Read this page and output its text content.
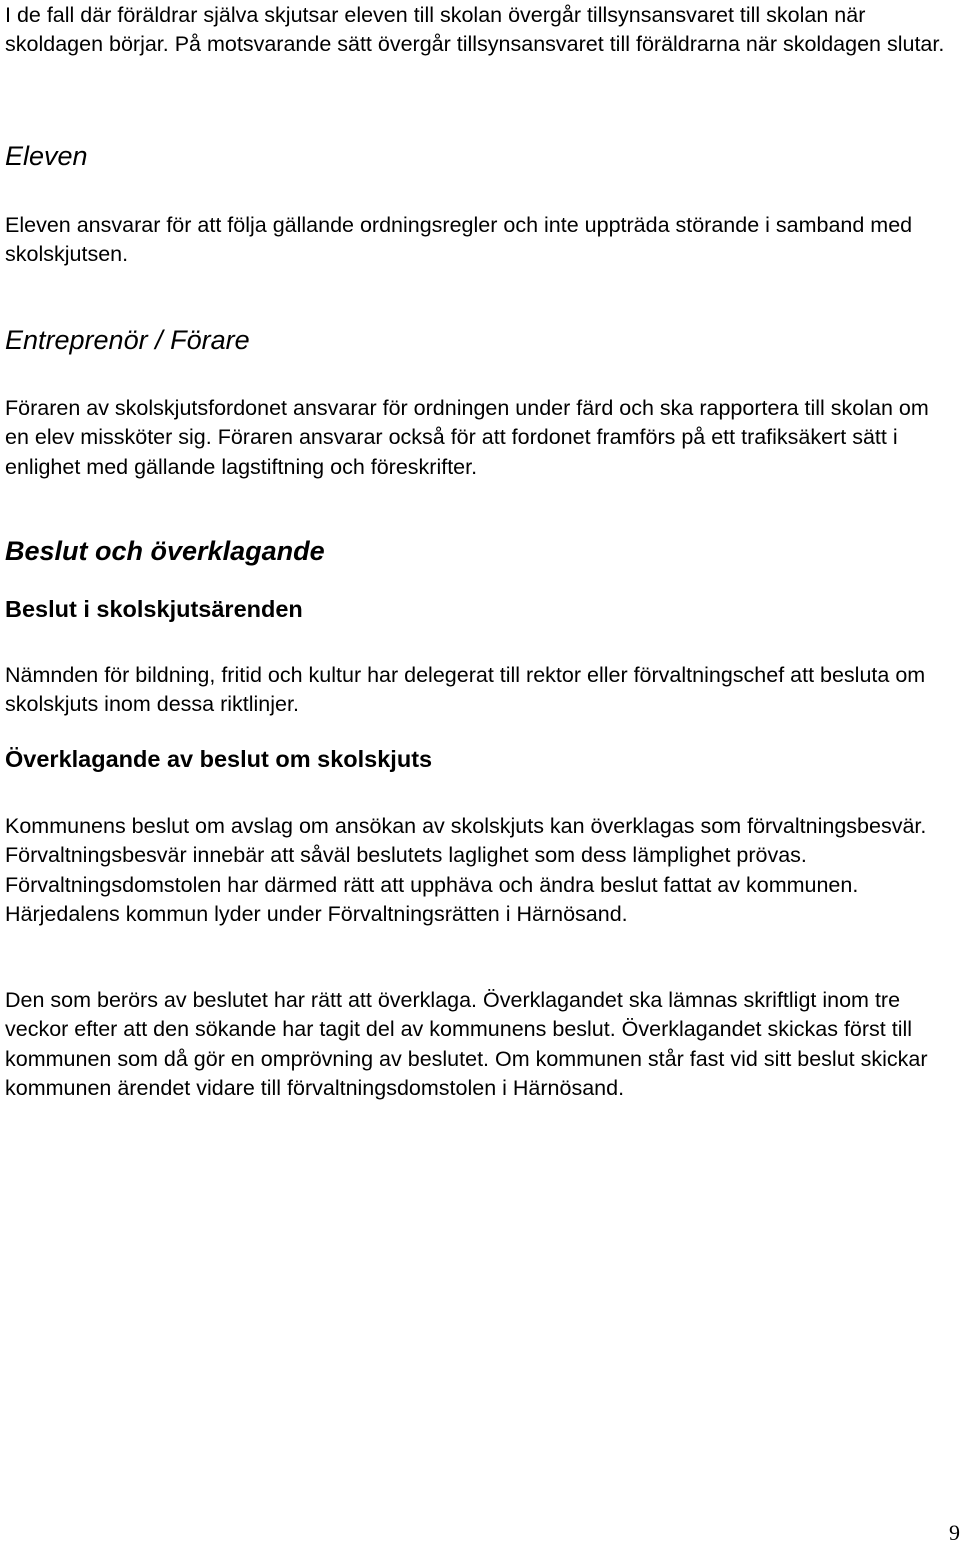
I de fall där föräldrar själva skjutsar eleven till skolan övergår tillsynsansvaret till skolan när skoldagen börjar. På motsvarande sätt övergår tillsynsansvaret till föräldrarna när skoldagen slutar.

Eleven

Eleven ansvarar för att följa gällande ordningsregler och inte uppträda störande i samband med skolskjutsen.

Entreprenör / Förare

Föraren av skolskjutsfordonet ansvarar för ordningen under färd och ska rapportera till skolan om en elev missköter sig. Föraren ansvarar också för att fordonet framförs på ett trafiksäkert sätt i enlighet med gällande lagstiftning och föreskrifter.

Beslut och överklagande
Beslut i skolskjutsärenden

Nämnden för bildning, fritid och kultur har delegerat till rektor eller förvaltningschef att besluta om skolskjuts inom dessa riktlinjer.

Överklagande av beslut om skolskjuts

Kommunens beslut om avslag om ansökan av skolskjuts kan överklagas som förvaltningsbesvär. Förvaltningsbesvär innebär att såväl beslutets laglighet som dess lämplighet prövas. Förvaltningsdomstolen har därmed rätt att upphäva och ändra beslut fattat av kommunen. Härjedalens kommun lyder under Förvaltningsrätten i Härnösand.

Den som berörs av beslutet har rätt att överklaga. Överklagandet ska lämnas skriftligt inom tre veckor efter att den sökande har tagit del av kommunens beslut. Överklagandet skickas först till kommunen som då gör en omprövning av beslutet. Om kommunen står fast vid sitt beslut skickar kommunen ärendet vidare till förvaltningsdomstolen i Härnösand.

9
